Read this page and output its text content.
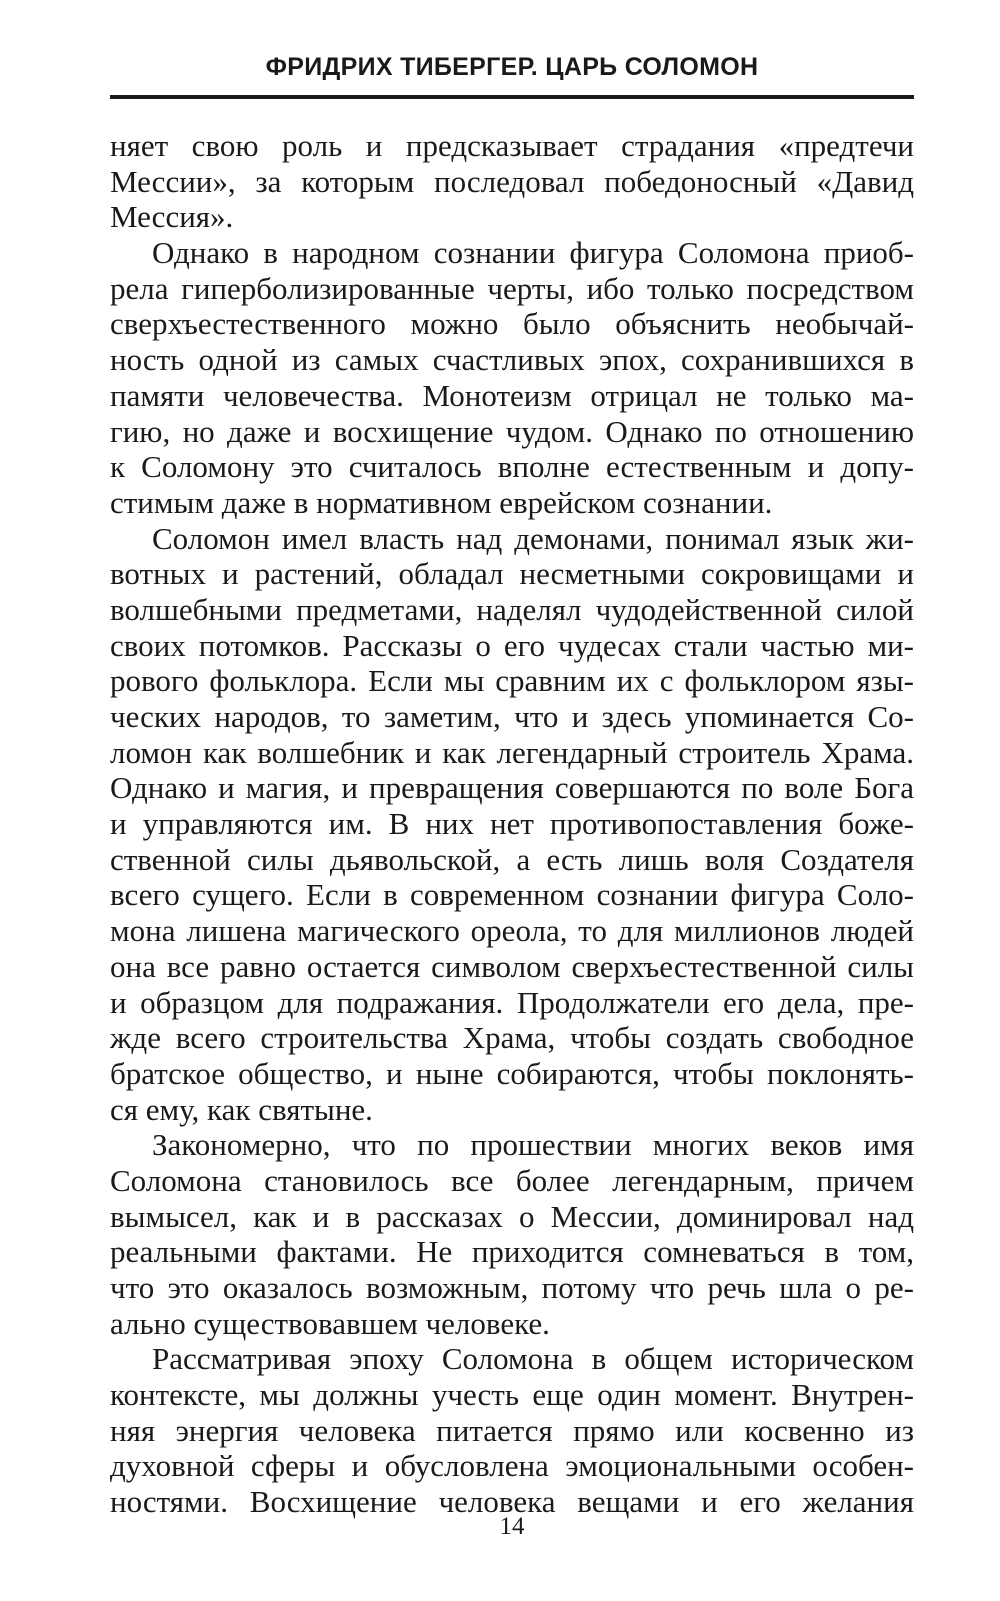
ФРИДРИХ ТИБЕРГЕР. ЦАРЬ СОЛОМОН
няет свою роль и предсказывает страдания «предтечи
Мессии», за которым последовал победоносный «Давид
Мессия».
Однако в народном сознании фигура Соломона приоб-
рела гиперболизированные черты, ибо только посредством
сверхъестественного можно было объяснить необычай-
ность одной из самых счастливых эпох, сохранившихся в
памяти человечества. Монотеизм отрицал не только ма-
гию, но даже и восхищение чудом. Однако по отношению
к Соломону это считалось вполне естественным и допу-
стимым даже в нормативном еврейском сознании.
Соломон имел власть над демонами, понимал язык жи-
вотных и растений, обладал несметными сокровищами и
волшебными предметами, наделял чудодейственной силой
своих потомков. Рассказы о его чудесах стали частью ми-
рового фольклора. Если мы сравним их с фольклором язы-
ческих народов, то заметим, что и здесь упоминается Со-
ломон как волшебник и как легендарный строитель Храма.
Однако и магия, и превращения совершаются по воле Бога
и управляются им. В них нет противопоставления боже-
ственной силы дьявольской, а есть лишь воля Создателя
всего сущего. Если в современном сознании фигура Соло-
мона лишена магического ореола, то для миллионов людей
она все равно остается символом сверхъестественной силы
и образцом для подражания. Продолжатели его дела, пре-
жде всего строительства Храма, чтобы создать свободное
братское общество, и ныне собираются, чтобы поклонять-
ся ему, как святыне.
Закономерно, что по прошествии многих веков имя
Соломона становилось все более легендарным, причем
вымысел, как и в рассказах о Мессии, доминировал над
реальными фактами. Не приходится сомневаться в том,
что это оказалось возможным, потому что речь шла о ре-
ально существовавшем человеке.
Рассматривая эпоху Соломона в общем историческом
контексте, мы должны учесть еще один момент. Внутрен-
няя энергия человека питается прямо или косвенно из
духовной сферы и обусловлена эмоциональными особен-
ностями. Восхищение человека вещами и его желания
14
